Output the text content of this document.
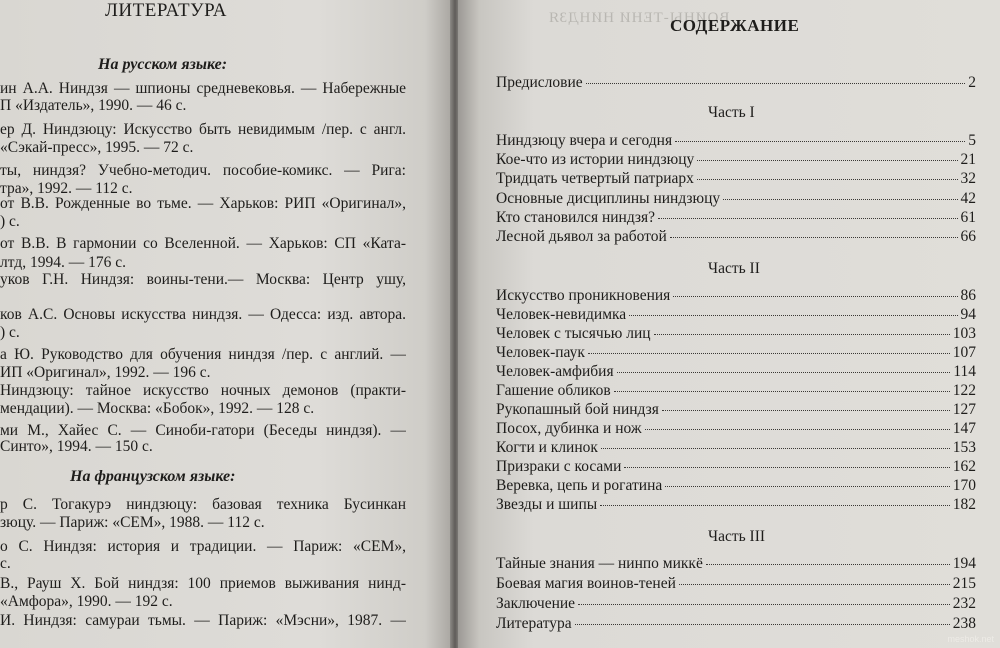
ЛИТЕРАТУРА
На русском языке:
ин А.А. Ниндзя — шпионы средневековья. — Набережные
П «Издатель», 1990. — 46 с.
ер Д. Ниндзюцу: Искусство быть невидимым /пер. с англ.
«Сэкай-пресс», 1995. — 72 с.
ты, ниндзя? Учебно-методич. пособие-комикс. — Рига:
тра», 1992. — 112 с.
от В.В. Рожденные во тьме. — Харьков: РИП «Оригинал»,
) с.
от В.В. В гармонии со Вселенной. — Харьков: СП «Ката-
лтд, 1994. — 176 с.
уков Г.Н. Ниндзя: воины-тени.— Москва: Центр ушу,
ков А.С. Основы искусства ниндзя. — Одесса: изд. автора.
) с.
а Ю. Руководство для обучения ниндзя /пер. с англий. —
ИП «Оригинал», 1992. — 196 с.
Ниндзюцу: тайное искусство ночных демонов (практи-
мендации). — Москва: «Бобок», 1992. — 128 с.
ми М., Хайес С. — Синоби-гатори (Беседы ниндзя). —
Синто», 1994. — 150 с.
На французском языке:
р С. Тогакурэ ниндзюцу: базовая техника Бусинкан
зюцу. — Париж: «СЕМ», 1988. — 112 с.
о С. Ниндзя: история и традиции. — Париж: «СЕМ»,
с.
В., Рауш Х. Бой ниндзя: 100 приемов выживания нинд-
«Амфора», 1990. — 192 с.
И. Ниндзя: самураи тьмы. — Париж: «Мэсни», 1987. —
ВОИНЫ-ТЕНИ НИНДЗЯ
СОДЕРЖАНИЕ
Предисловие	2
Часть I
Ниндзюцу вчера и сегодня	5
Кое-что из истории ниндзюцу	21
Тридцать четвертый патриарх	32
Основные дисциплины ниндзюцу	42
Кто становился ниндзя?	61
Лесной дьявол за работой	66
Часть II
Искусство проникновения	86
Человек-невидимка	94
Человек с тысячью лиц	103
Человек-паук	107
Человек-амфибия	114
Гашение обликов	122
Рукопашный бой ниндзя	127
Посох, дубинка и нож	147
Когти и клинок	153
Призраки с косами	162
Веревка, цепь и рогатина	170
Звезды и шипы	182
Часть III
Тайные знания — нинпо миккё	194
Боевая магия воинов-теней	215
Заключение	232
Литература	238
meshok.net
